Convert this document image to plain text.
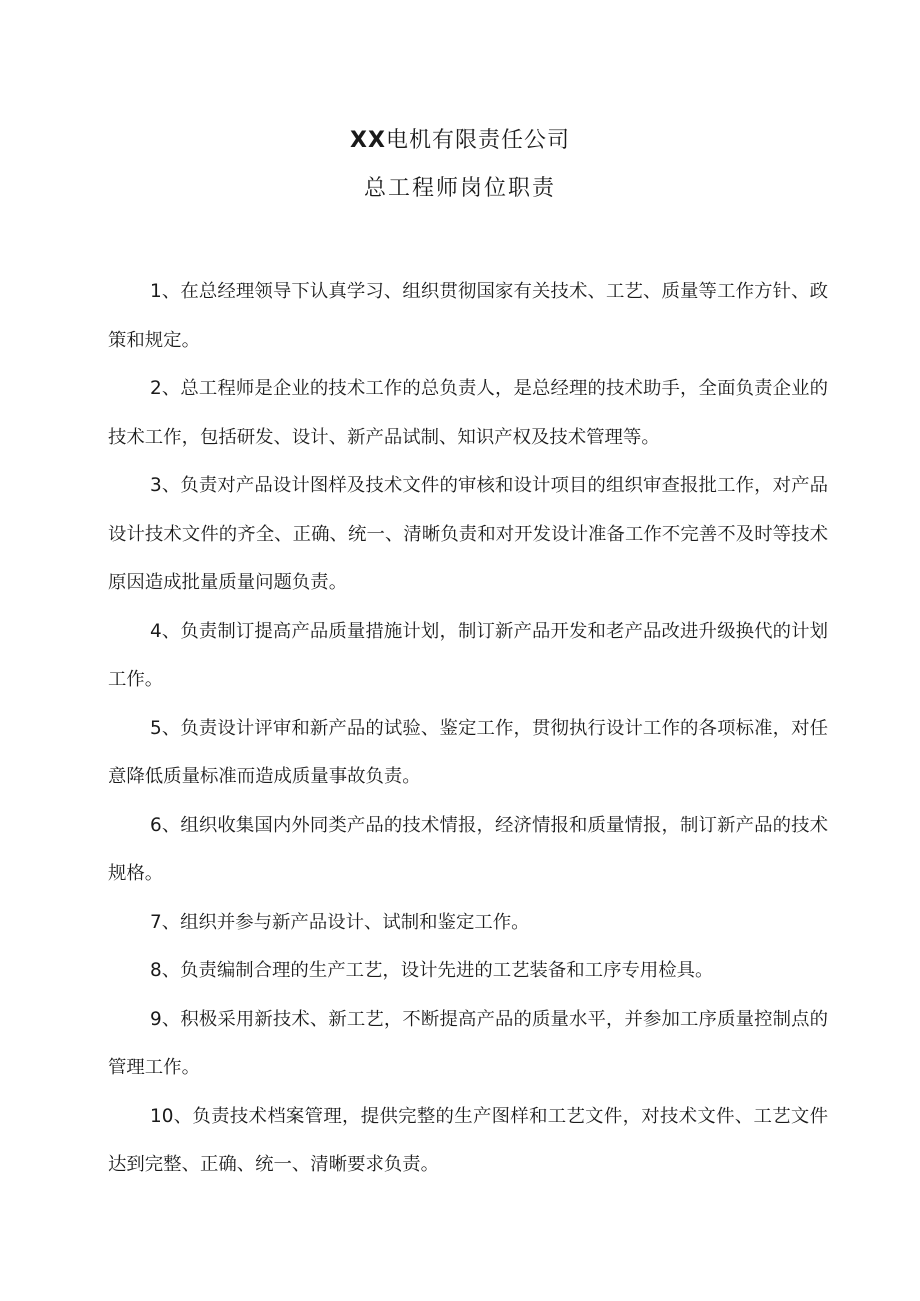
XX电机有限责任公司
总工程师岗位职责
1、在总经理领导下认真学习、组织贯彻国家有关技术、工艺、质量等工作方针、政策和规定。
2、总工程师是企业的技术工作的总负责人，是总经理的技术助手，全面负责企业的技术工作，包括研发、设计、新产品试制、知识产权及技术管理等。
3、负责对产品设计图样及技术文件的审核和设计项目的组织审查报批工作，对产品设计技术文件的齐全、正确、统一、清晰负责和对开发设计准备工作不完善不及时等技术原因造成批量质量问题负责。
4、负责制订提高产品质量措施计划，制订新产品开发和老产品改进升级换代的计划工作。
5、负责设计评审和新产品的试验、鉴定工作，贯彻执行设计工作的各项标准，对任意降低质量标准而造成质量事故负责。
6、组织收集国内外同类产品的技术情报，经济情报和质量情报，制订新产品的技术规格。
7、组织并参与新产品设计、试制和鉴定工作。
8、负责编制合理的生产工艺，设计先进的工艺装备和工序专用检具。
9、积极采用新技术、新工艺，不断提高产品的质量水平，并参加工序质量控制点的管理工作。
10、负责技术档案管理，提供完整的生产图样和工艺文件，对技术文件、工艺文件达到完整、正确、统一、清晰要求负责。
